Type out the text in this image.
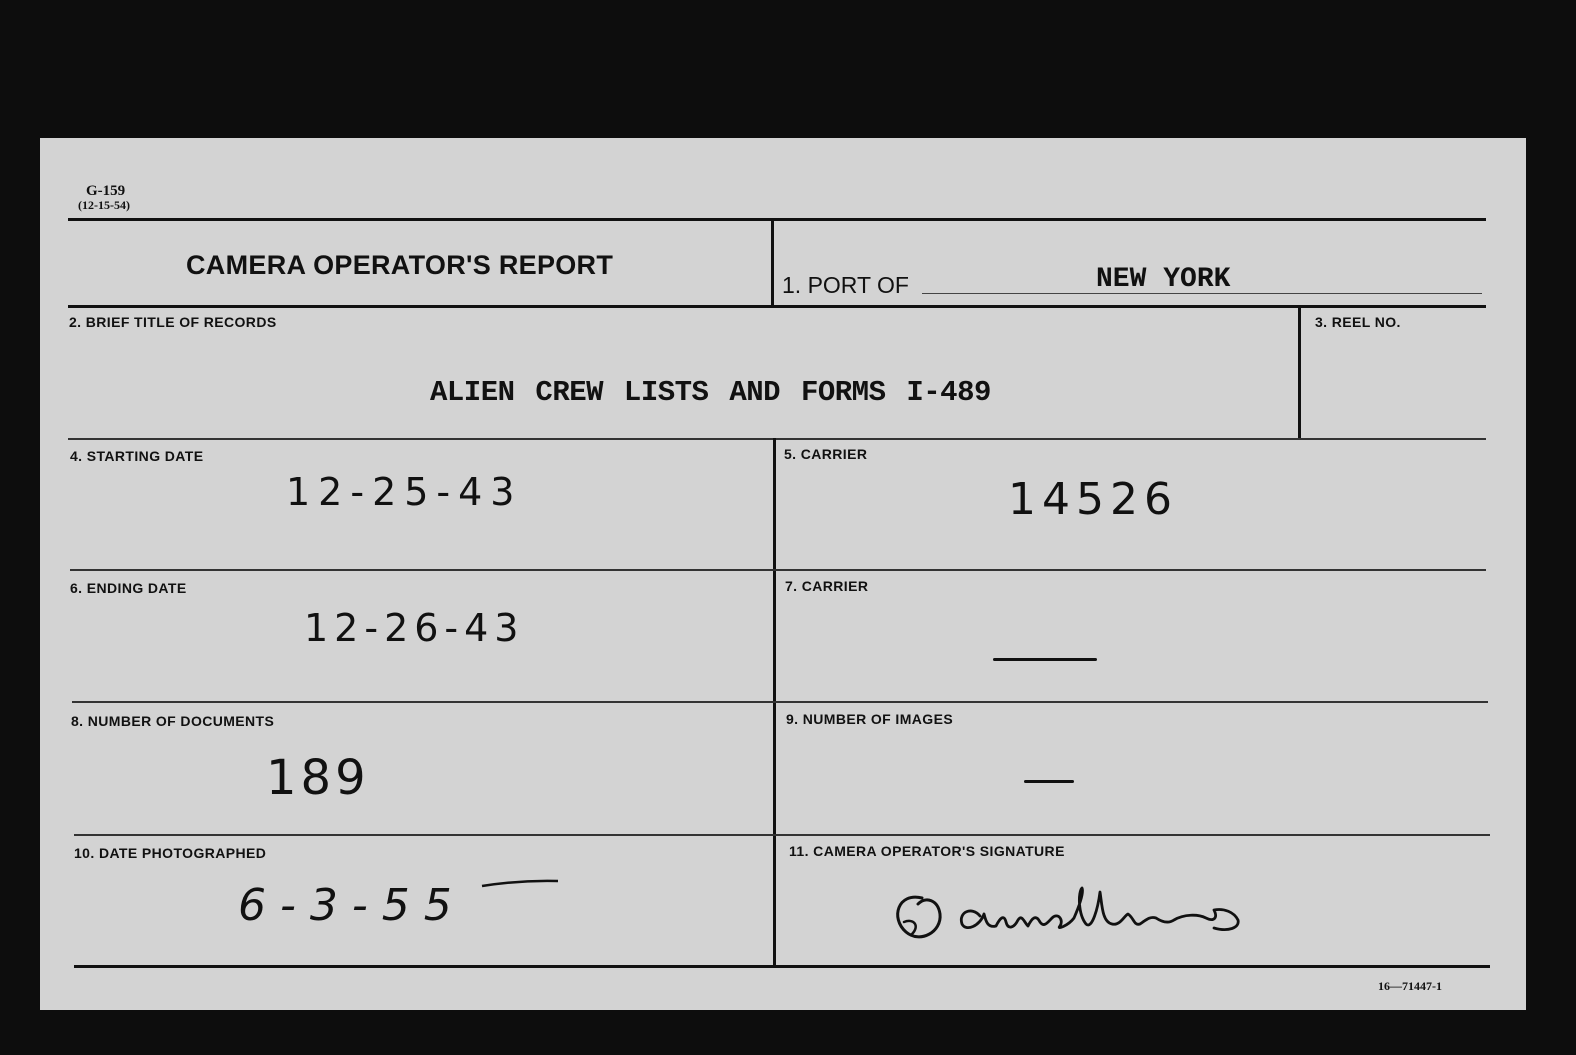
G-159
(12-15-54)
CAMERA OPERATOR'S REPORT
1. PORT OF	NEW YORK
2. BRIEF TITLE OF RECORDS
ALIEN CREW LISTS AND FORMS I-489
3. REEL NO.
4. STARTING DATE
12-25-43
5. CARRIER
14526
6. ENDING DATE
12-26-43
7. CARRIER
8. NUMBER OF DOCUMENTS
189
9. NUMBER OF IMAGES
10. DATE PHOTOGRAPHED
6-3-55
11. CAMERA OPERATOR'S SIGNATURE
16—71447-1
